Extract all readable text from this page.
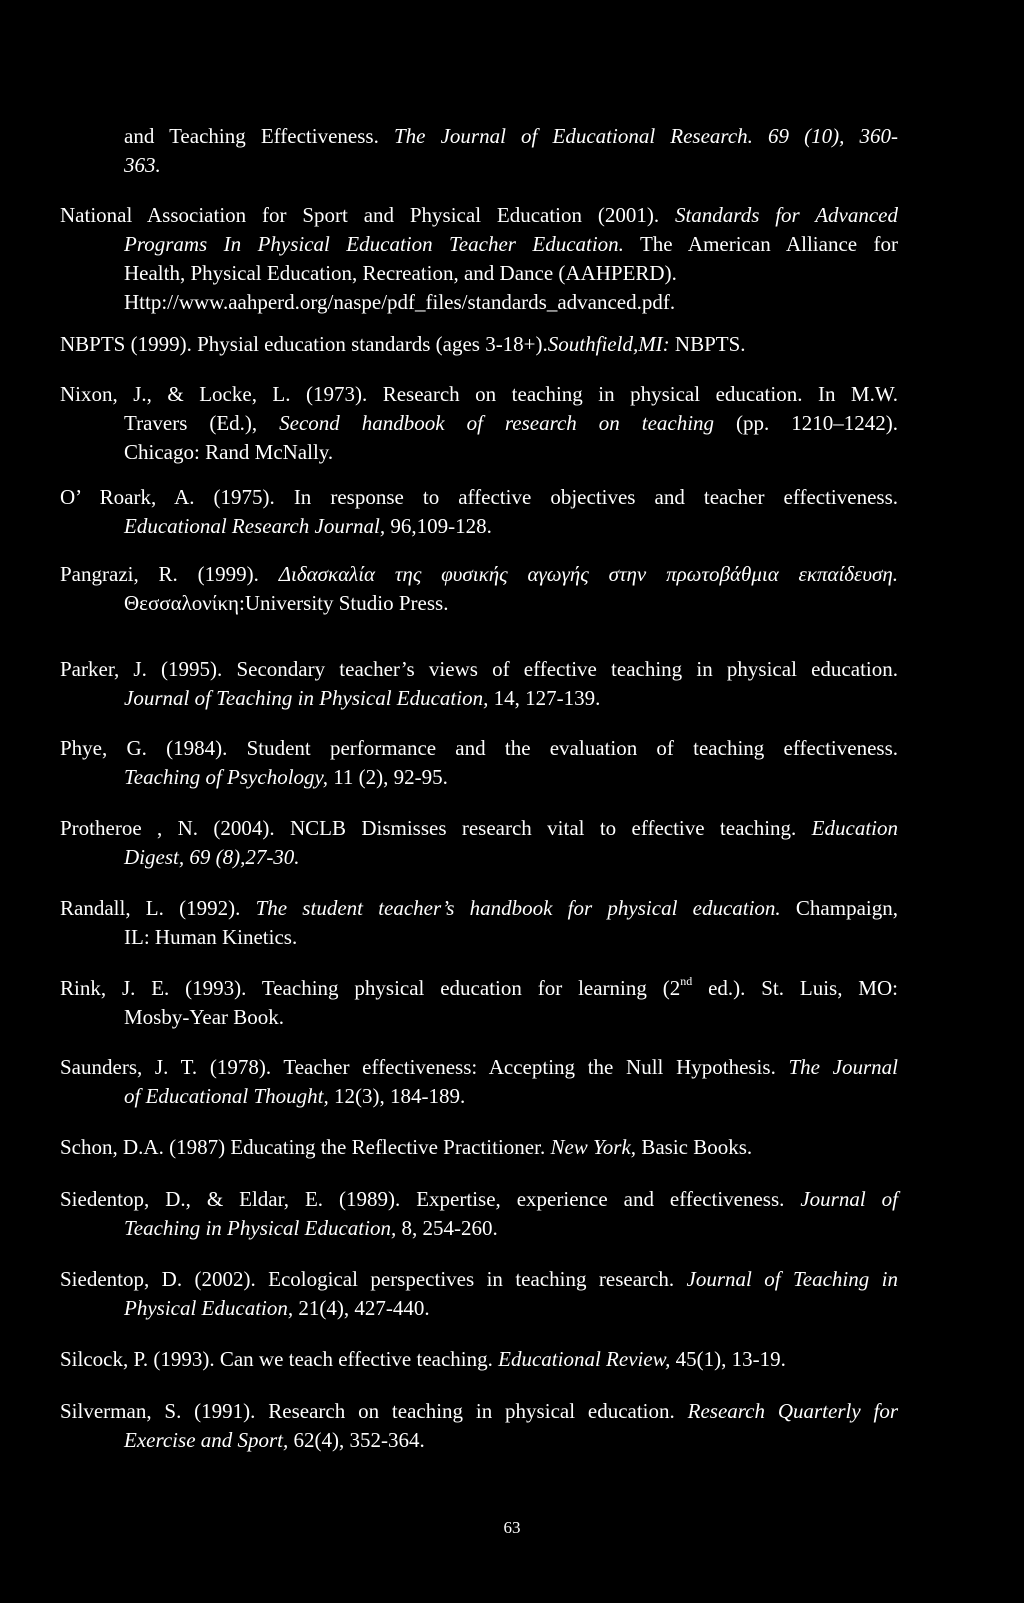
and Teaching Effectiveness. The Journal of Educational Research. 69 (10), 360-
363.
National Association for Sport and Physical Education (2001). Standards for Advanced
Programs In Physical Education Teacher Education. The American Alliance for
Health, Physical Education, Recreation, and Dance (AAHPERD).
Http://www.aahperd.org/naspe/pdf_files/standards_advanced.pdf.
NBPTS (1999). Physial education standards (ages 3-18+).Southfield,MI: NBPTS.
Nixon, J., & Locke, L. (1973). Research on teaching in physical education. In M.W.
Travers (Ed.), Second handbook of research on teaching (pp. 1210–1242).
Chicago: Rand McNally.
O’ Roark, A. (1975). In response to affective objectives and teacher effectiveness.
Educational Research Journal, 96,109-128.
Pangrazi, R. (1999). Διδασκαλία της φυσικής αγωγής στην πρωτοβάθμια εκπαίδευση.
Θεσσαλονίκη:University Studio Press.
Parker, J. (1995). Secondary teacher’s views of effective teaching in physical education.
Journal of Teaching in Physical Education, 14, 127-139.
Phye, G. (1984). Student performance and the evaluation of teaching effectiveness.
Teaching of Psychology, 11 (2), 92-95.
Protheroe , N. (2004). NCLB Dismisses research vital to effective teaching. Education
Digest, 69 (8),27-30.
Randall, L. (1992). The student teacher’s handbook for physical education. Champaign,
IL: Human Kinetics.
Rink, J. E. (1993). Teaching physical education for learning (2nd ed.). St. Luis, MO:
Mosby-Year Book.
Saunders, J. T. (1978). Teacher effectiveness: Accepting the Null Hypothesis. The Journal
of Educational Thought, 12(3), 184-189.
Schon, D.A. (1987) Educating the Reflective Practitioner. New York, Basic Books.
Siedentop, D., & Eldar, E. (1989). Expertise, experience and effectiveness. Journal of
Teaching in Physical Education, 8, 254-260.
Siedentop, D. (2002). Ecological perspectives in teaching research. Journal of Teaching in
Physical Education, 21(4), 427-440.
Silcock, P. (1993). Can we teach effective teaching. Educational Review, 45(1), 13-19.
Silverman, S. (1991). Research on teaching in physical education. Research Quarterly for
Exercise and Sport, 62(4), 352-364.
63
